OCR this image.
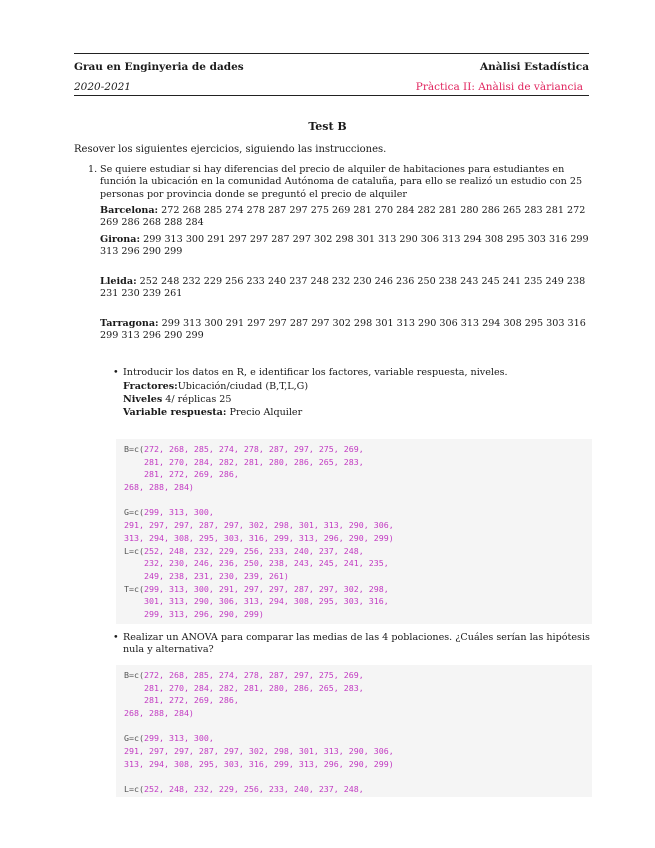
Grau en Enginyeria de dades	Anàlisi Estadística
2020-2021	Pràctica II: Anàlisi de vàriancia
Test B
Resover los siguientes ejercicios, siguiendo las instrucciones.
1. Se quiere estudiar si hay diferencias del precio de alquiler de habitaciones para estudiantes en función la ubicación en la comunidad Autónoma de cataluña, para ello se realizó un estudio con 25 personas por provincia donde se preguntó el precio de alquiler
Barcelona: 272 268 285 274 278 287 297 275 269 281 270 284 282 281 280 286 265 283 281 272 269 286 268 288 284
Girona: 299 313 300 291 297 297 287 297 302 298 301 313 290 306 313 294 308 295 303 316 299 313 296 290 299
Lleida: 252 248 232 229 256 233 240 237 248 232 230 246 236 250 238 243 245 241 235 249 238 231 230 239 261
Tarragona: 299 313 300 291 297 297 287 297 302 298 301 313 290 306 313 294 308 295 303 316 299 313 296 290 299
• Introducir los datos en R, e identificar los factores, variable respuesta, niveles.
Fractores:Ubicación/ciudad (B,T,L,G)
Niveles 4/ réplicas 25
Variable respuesta: Precio Alquiler
B=c(272, 268, 285, 274, 278, 287, 297, 275, 269,
281, 270, 284, 282, 281, 280, 286, 265, 283,
281, 272, 269, 286,
268, 288, 284)
G=c(299, 313, 300,
291, 297, 297, 287, 297, 302, 298, 301, 313, 290, 306,
313, 294, 308, 295, 303, 316, 299, 313, 296, 290, 299)
L=c(252, 248, 232, 229, 256, 233, 240, 237, 248,
232, 230, 246, 236, 250, 238, 243, 245, 241, 235,
249, 238, 231, 230, 239, 261)
T=c(299, 313, 300, 291, 297, 297, 287, 297, 302, 298,
301, 313, 290, 306, 313, 294, 308, 295, 303, 316,
299, 313, 296, 290, 299)
• Realizar un ANOVA para comparar las medias de las 4 poblaciones. ¿Cuáles serían las hipótesis nula y alternativa?
B=c(272, 268, 285, 274, 278, 287, 297, 275, 269,
281, 270, 284, 282, 281, 280, 286, 265, 283,
281, 272, 269, 286,
268, 288, 284)
G=c(299, 313, 300,
291, 297, 297, 287, 297, 302, 298, 301, 313, 290, 306,
313, 294, 308, 295, 303, 316, 299, 313, 296, 290, 299)
L=c(252, 248, 232, 229, 256, 233, 240, 237, 248,
